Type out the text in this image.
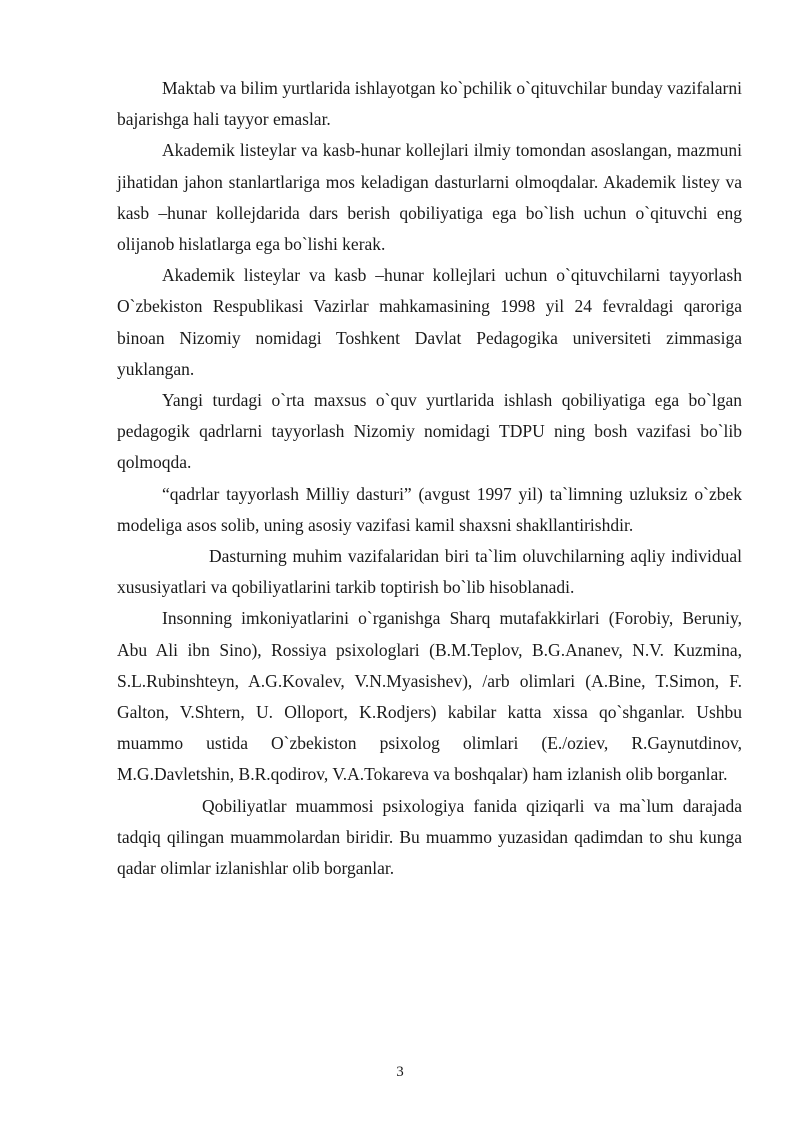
Maktab va bilim yurtlarida ishlayotgan ko`pchilik o`qituvchilar bunday vazifalarni bajarishga hali tayyor emaslar.

Akademik listeylar va kasb-hunar kollejlari ilmiy tomondan asoslangan, mazmuni jihatidan jahon stanlartlariga mos keladigan dasturlarni olmoqdalar. Akademik listey va kasb –hunar kollejdarida dars berish qobiliyatiga ega bo`lish uchun o`qituvchi eng olijanob hislatlarga ega bo`lishi kerak.

Akademik listeylar va kasb –hunar kollejlari uchun o`qituvchilarni tayyorlash O`zbekiston Respublikasi Vazirlar mahkamasining 1998 yil 24 fevraldagi qaroriga binoan Nizomiy nomidagi Toshkent Davlat Pedagogika universiteti zimmasiga yuklangan.

Yangi turdagi o`rta maxsus o`quv yurtlarida ishlash qobiliyatiga ega bo`lgan pedagogik qadrlarni tayyorlash Nizomiy nomidagi TDPU ning bosh vazifasi bo`lib qolmoqda.

“qadrlar tayyorlash Milliy dasturi” (avgust 1997 yil) ta`limning uzluksiz o`zbek modeliga asos solib, uning asosiy vazifasi kamil shaxsni shakllantirishdir.

Dasturning muhim vazifalaridan biri ta`lim oluvchilarning aqliy individual xususiyatlari va qobiliyatlarini tarkib toptirish bo`lib hisoblanadi.

Insonning imkoniyatlarini o`rganishga Sharq mutafakkirlari (Forobiy, Beruniy, Abu Ali ibn Sino), Rossiya psixologlari (B.M.Teplov, B.G.Ananev, N.V. Kuzmina, S.L.Rubinshteyn, A.G.Kovalev, V.N.Myasishev), /arb olimlari (A.Bine, T.Simon, F. Galton, V.Shtern, U. Olloport, K.Rodjers) kabilar katta xissa qo`shganlar. Ushbu muammo ustida O`zbekiston psixolog olimlari (E./oziev, R.Gaynutdinov, M.G.Davletshin, B.R.qodirov, V.A.Tokareva va boshqalar) ham izlanish olib borganlar.

Qobiliyatlar muammosi psixologiya fanida qiziqarli va ma`lum darajada tadqiq qilingan muammolardan biridir. Bu muammo yuzasidan qadimdan to shu kunga qadar olimlar izlanishlar olib borganlar.

3
